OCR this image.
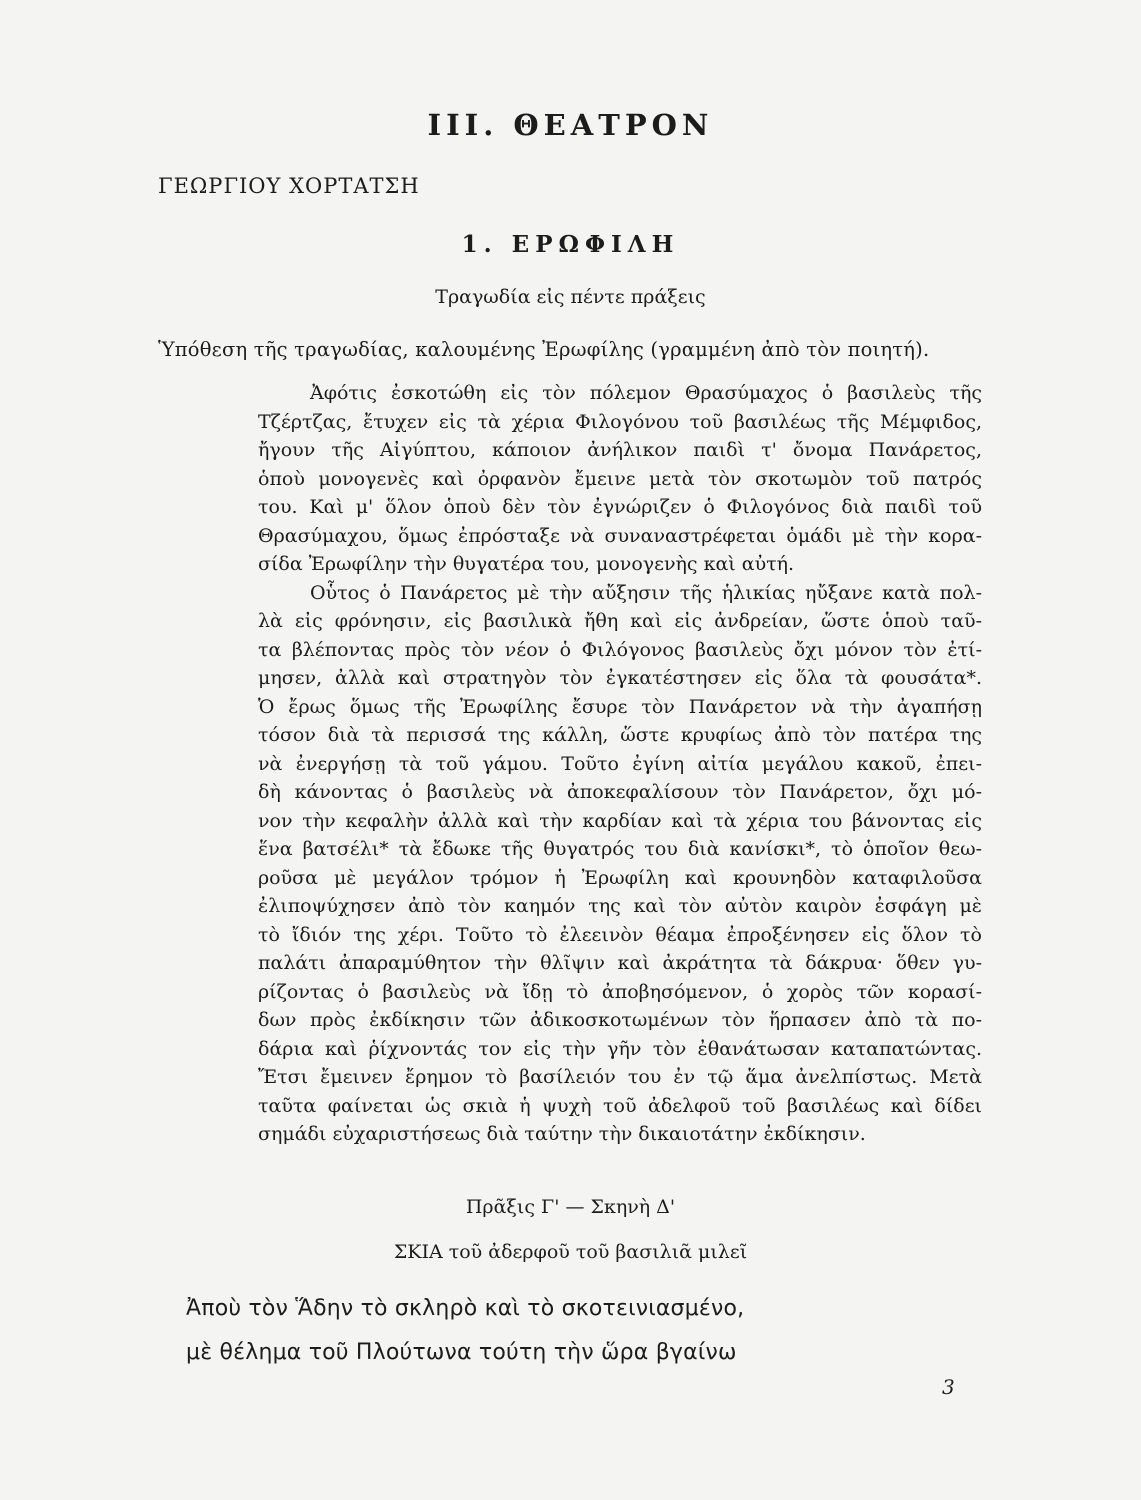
III. ΘΕΑΤΡΟΝ
ΓΕΩΡΓΙΟΥ ΧΟΡΤΑΤΣΗ
1. ΕΡΩΦΙΛΗ
Τραγωδία εἰς πέντε πράξεις
Ὑπόθεση τῆς τραγωδίας, καλουμένης Ἐρωφίλης (γραμμένη ἀπὸ τὸν ποιητή).
Ἀφότις ἐσκοτώθη εἰς τὸν πόλεμον Θρασύμαχος ὁ βασιλεὺς τῆς
Τζέρτζας, ἔτυχεν εἰς τὰ χέρια Φιλογόνου τοῦ βασιλέως τῆς Μέμφιδος,
ἤγουν τῆς Αἰγύπτου, κάποιον ἀνήλικον παιδὶ τ' ὄνομα Πανάρετος,
ὁποὺ μονογενὲς καὶ ὀρφανὸν ἔμεινε μετὰ τὸν σκοτωμὸν τοῦ πατρός
του. Καὶ μ' ὅλον ὁποὺ δὲν τὸν ἐγνώριζεν ὁ Φιλογόνος διὰ παιδὶ τοῦ
Θρασύμαχου, ὅμως ἐπρόσταξε νὰ συναναστρέφεται ὁμάδι μὲ τὴν κορα-
σίδα Ἐρωφίλην τὴν θυγατέρα του, μονογενὴς καὶ αὐτή.
Οὗτος ὁ Πανάρετος μὲ τὴν αὔξησιν τῆς ἡλικίας ηὔξανε κατὰ πολ-
λὰ εἰς φρόνησιν, εἰς βασιλικὰ ἤθη καὶ εἰς ἀνδρείαν, ὥστε ὁποὺ ταῦ-
τα βλέποντας πρὸς τὸν νέον ὁ Φιλόγονος βασιλεὺς ὄχι μόνον τὸν ἐτί-
μησεν, ἀλλὰ καὶ στρατηγὸν τὸν ἐγκατέστησεν εἰς ὅλα τὰ φουσάτα*.
Ὁ ἔρως ὅμως τῆς Ἐρωφίλης ἔσυρε τὸν Πανάρετον νὰ τὴν ἀγαπήσῃ
τόσον διὰ τὰ περισσά της κάλλη, ὥστε κρυφίως ἀπὸ τὸν πατέρα της
νὰ ἐνεργήσῃ τὰ τοῦ γάμου. Τοῦτο ἐγίνη αἰτία μεγάλου κακοῦ, ἐπει-
δὴ κάνοντας ὁ βασιλεὺς νὰ ἀποκεφαλίσουν τὸν Πανάρετον, ὄχι μό-
νον τὴν κεφαλὴν ἀλλὰ καὶ τὴν καρδίαν καὶ τὰ χέρια του βάνοντας εἰς
ἕνα βατσέλι* τὰ ἔδωκε τῆς θυγατρός του διὰ κανίσκι*, τὸ ὁποῖον θεω-
ροῦσα μὲ μεγάλον τρόμον ἡ Ἐρωφίλη καὶ κρουνηδὸν καταφιλοῦσα
ἐλιποψύχησεν ἀπὸ τὸν καημόν της καὶ τὸν αὐτὸν καιρὸν ἐσφάγη μὲ
τὸ ἴδιόν της χέρι. Τοῦτο τὸ ἐλεεινὸν θέαμα ἐπροξένησεν εἰς ὅλον τὸ
παλάτι ἀπαραμύθητον τὴν θλῖψιν καὶ ἀκράτητα τὰ δάκρυα· ὅθεν γυ-
ρίζοντας ὁ βασιλεὺς νὰ ἴδῃ τὸ ἀποβησόμενον, ὁ χορὸς τῶν κορασί-
δων πρὸς ἐκδίκησιν τῶν ἀδικοσκοτωμένων τὸν ἥρπασεν ἀπὸ τὰ πο-
δάρια καὶ ῥίχνοντάς τον εἰς τὴν γῆν τὸν ἐθανάτωσαν καταπατώντας.
Ἔτσι ἔμεινεν ἔρημον τὸ βασίλειόν του ἐν τῷ ἅμα ἀνελπίστως. Μετὰ
ταῦτα φαίνεται ὡς σκιὰ ἡ ψυχὴ τοῦ ἀδελφοῦ τοῦ βασιλέως καὶ δίδει
σημάδι εὐχαριστήσεως διὰ ταύτην τὴν δικαιοτάτην ἐκδίκησιν.
Πρᾶξις Γ' — Σκηνὴ Δ'
ΣΚΙΑ τοῦ ἀδερφοῦ τοῦ βασιλιᾶ μιλεῖ
Ἀποὺ τὸν Ἅδην τὸ σκληρὸ καὶ τὸ σκοτεινιασμένο,
μὲ θέλημα τοῦ Πλούτωνα τούτη τὴν ὥρα βγαίνω
3
